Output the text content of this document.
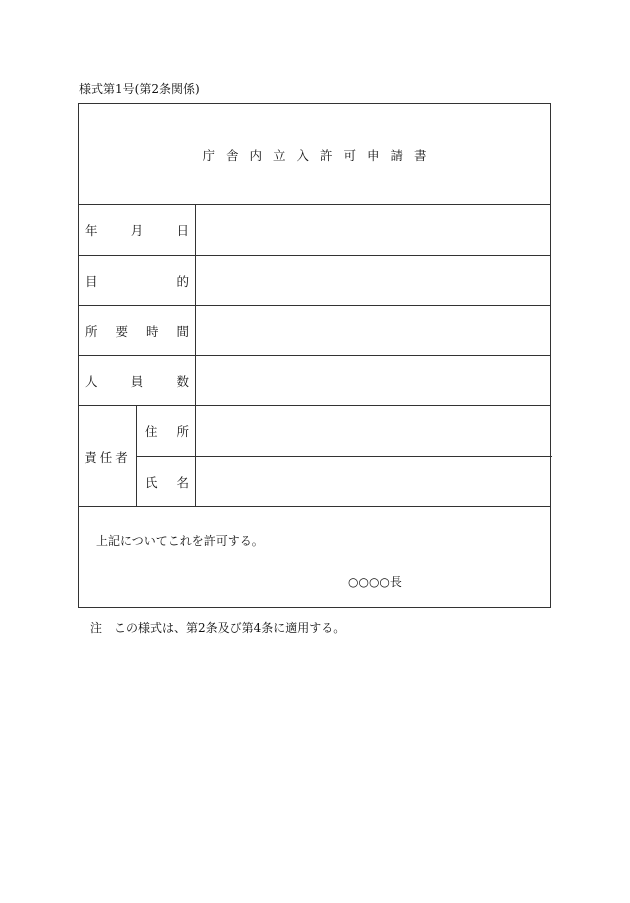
様式第1号(第2条関係)
庁舎内立入許可申請書
年	月	日
目	的
所 要 時 間
人	員	数
責任者
住 所
氏 名
上記についてこれを許可する。
○○○○長
注　この様式は、第2条及び第4条に適用する。
